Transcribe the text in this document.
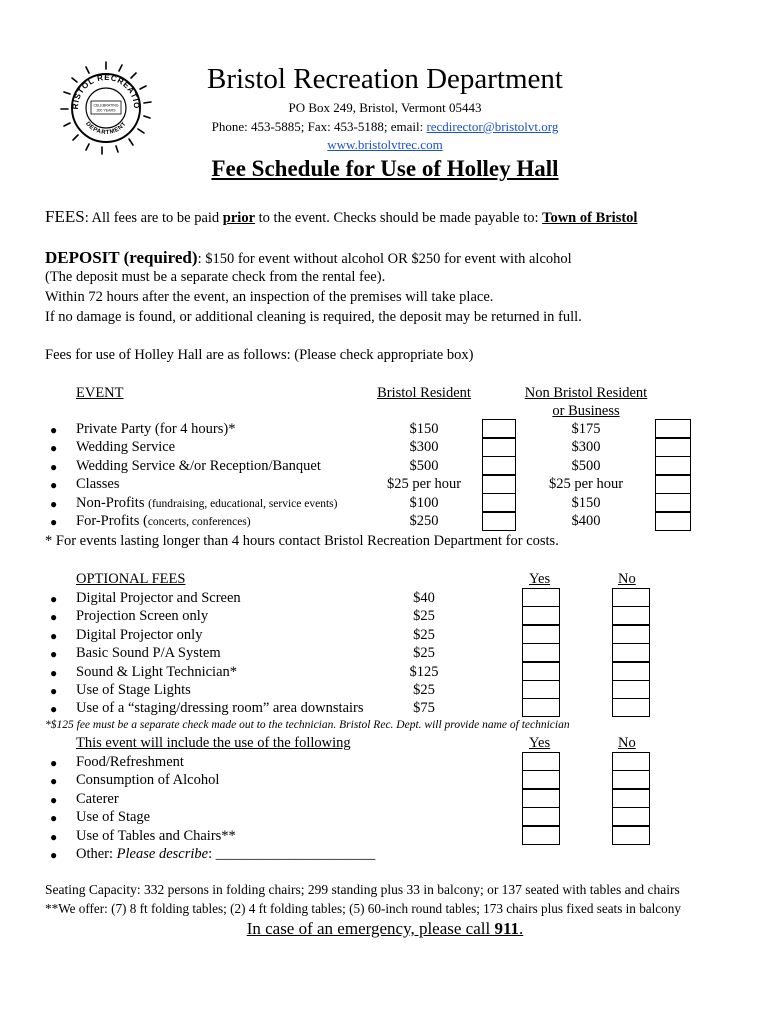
RISTOL RECREATIO
DEPARTMENT
CELEBRATING
200 YEARS
Bristol Recreation Department
PO Box 249, Bristol, Vermont 05443
Phone: 453-5885; Fax: 453-5188; email: recdirector@bristolvt.org
www.bristolvtrec.com
Fee Schedule for Use of Holley Hall
FEES: All fees are to be paid prior to the event. Checks should be made payable to: Town of Bristol
DEPOSIT (required): $150 for event without alcohol OR $250 for event with alcohol
(The deposit must be a separate check from the rental fee).
Within 72 hours after the event, an inspection of the premises will take place.
If no damage is found, or additional cleaning is required, the deposit may be returned in full.
Fees for use of Holley Hall are as follows: (Please check appropriate box)
EVENT	Bristol Resident	Non Bristol Resident
or Business
● Private Party (for 4 hours)*	$150	$175
● Wedding Service	$300	$300
● Wedding Service &/or Reception/Banquet	$500	$500
● Classes	$25 per hour	$25 per hour
● Non-Profits (fundraising, educational, service events)	$100	$150
● For-Profits (concerts, conferences)	$250	$400
* For events lasting longer than 4 hours contact Bristol Recreation Department for costs.
OPTIONAL FEES	Yes	No
● Digital Projector and Screen	$40
● Projection Screen only	$25
● Digital Projector only	$25
● Basic Sound P/A System	$25
● Sound & Light Technician*	$125
● Use of Stage Lights	$25
● Use of a “staging/dressing room” area downstairs	$75
*$125 fee must be a separate check made out to the technician. Bristol Rec. Dept. will provide name of technician
This event will include the use of the following	Yes	No
● Food/Refreshment
● Consumption of Alcohol
● Caterer
● Use of Stage
● Use of Tables and Chairs**
● Other: Please describe: ______________________
Seating Capacity: 332 persons in folding chairs; 299 standing plus 33 in balcony; or 137 seated with tables and chairs
**We offer: (7) 8 ft folding tables; (2) 4 ft folding tables; (5) 60-inch round tables; 173 chairs plus fixed seats in balcony
In case of an emergency, please call 911.
